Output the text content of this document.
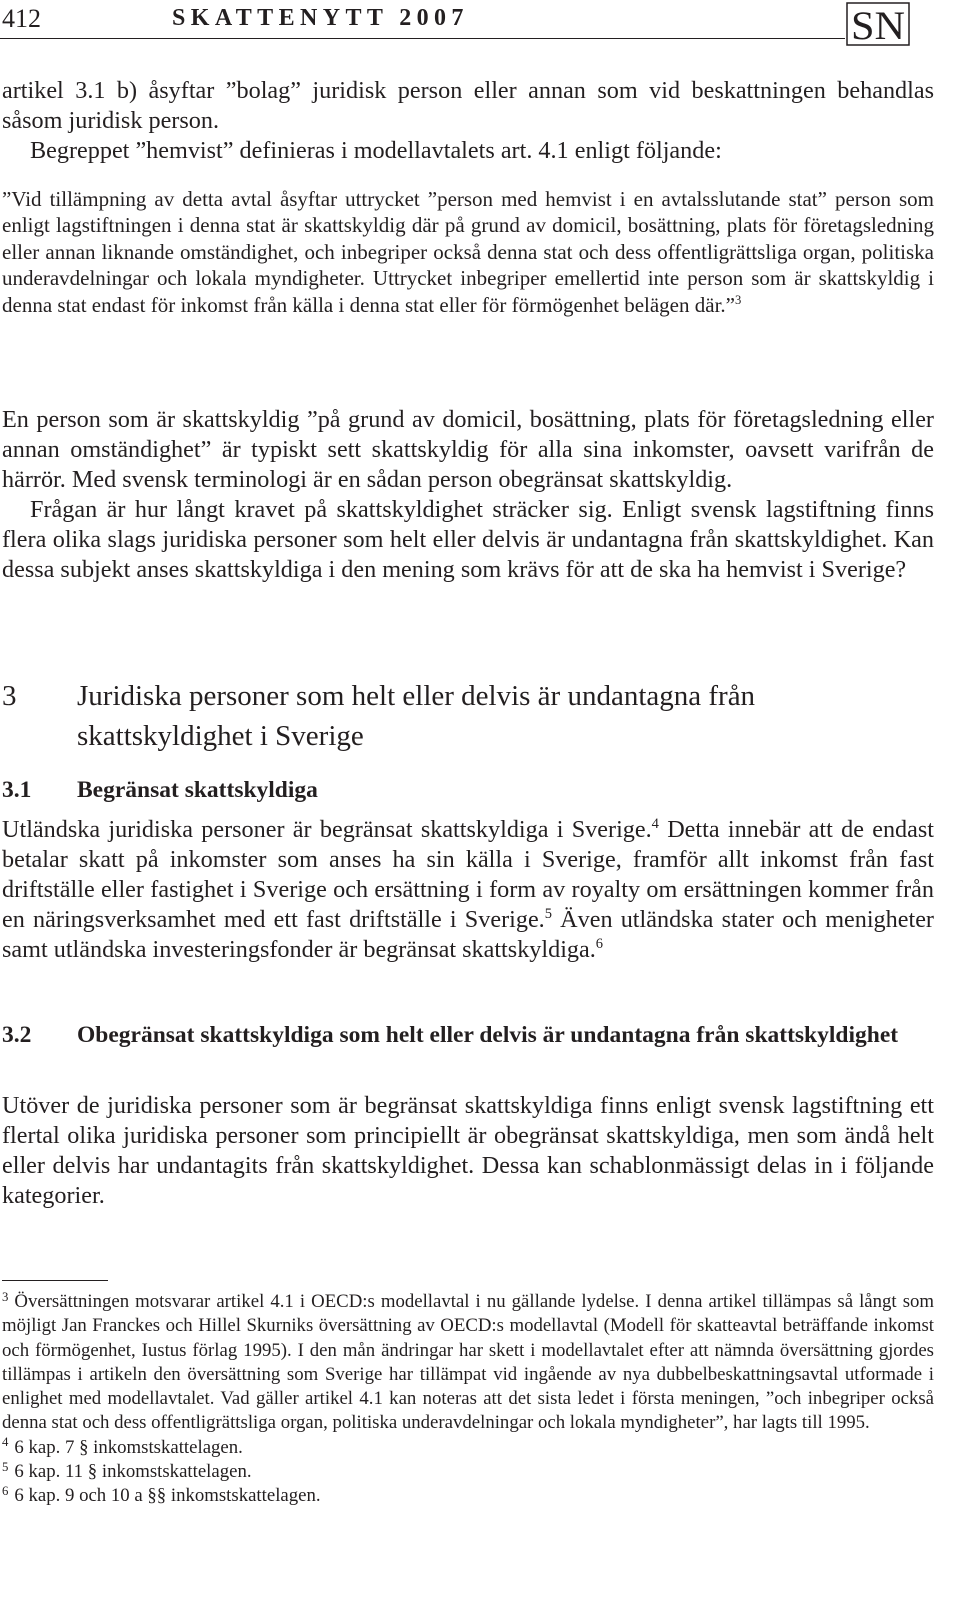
412	SKATTENYTT 2007	SN

artikel 3.1 b) åsyftar ”bolag” juridisk person eller annan som vid beskattningen behandlas såsom juridisk person.

Begreppet ”hemvist” definieras i modellavtalets art. 4.1 enligt följande:

”Vid tillämpning av detta avtal åsyftar uttrycket ”person med hemvist i en avtalsslutande stat” person som enligt lagstiftningen i denna stat är skattskyldig där på grund av domicil, bosättning, plats för företagsledning eller annan liknande omständighet, och inbegriper också denna stat och dess offentligrättsliga organ, politiska underavdelningar och lokala myndigheter. Uttrycket inbegriper emellertid inte person som är skattskyldig i denna stat endast för inkomst från källa i denna stat eller för förmögenhet belägen där.”$^3$

En person som är skattskyldig ”på grund av domicil, bosättning, plats för företagsledning eller annan omständighet” är typiskt sett skattskyldig för alla sina inkomster, oavsett varifrån de härrör. Med svensk terminologi är en sådan person obegränsat skattskyldig.

Frågan är hur långt kravet på skattskyldighet sträcker sig. Enligt svensk lagstiftning finns flera olika slags juridiska personer som helt eller delvis är undantagna från skattskyldighet. Kan dessa subjekt anses skattskyldiga i den mening som krävs för att de ska ha hemvist i Sverige?

3 Juridiska personer som helt eller delvis är undantagna från skattskyldighet i Sverige
3.1 Begränsat skattskyldiga

Utländska juridiska personer är begränsat skattskyldiga i Sverige.$^4$ Detta innebär att de endast betalar skatt på inkomster som anses ha sin källa i Sverige, framför allt inkomst från fast driftställe eller fastighet i Sverige och ersättning i form av royalty om ersättningen kommer från en näringsverksamhet med ett fast driftställe i Sverige.$^5$ Även utländska stater och menigheter samt utländska investeringsfonder är begränsat skattskyldiga.$^6$

3.2 Obegränsat skattskyldiga som helt eller delvis är undantagna från skattskyldighet

Utöver de juridiska personer som är begränsat skattskyldiga finns enligt svensk lagstiftning ett flertal olika juridiska personer som principiellt är obegränsat skattskyldiga, men som ändå helt eller delvis har undantagits från skattskyldighet. Dessa kan schablonmässigt delas in i följande kategorier.

$^3$ Översättningen motsvarar artikel 4.1 i OECD:s modellavtal i nu gällande lydelse. I denna artikel tillämpas så långt som möjligt Jan Franckes och Hillel Skurniks översättning av OECD:s modellavtal (Modell för skatteavtal beträffande inkomst och förmögenhet, Iustus förlag 1995). I den mån ändringar har skett i modellavtalet efter att nämnda översättning gjordes tillämpas i artikeln den översättning som Sverige har tillämpat vid ingående av nya dubbelbeskattningsavtal utformade i enlighet med modellavtalet. Vad gäller artikel 4.1 kan noteras att det sista ledet i första meningen, ”och inbegriper också denna stat och dess offentligrättsliga organ, politiska underavdelningar och lokala myndigheter”, har lagts till 1995.

$^4$ 6 kap. 7 § inkomstskattelagen.

$^5$ 6 kap. 11 § inkomstskattelagen.

$^6$ 6 kap. 9 och 10 a §§ inkomstskattelagen.
